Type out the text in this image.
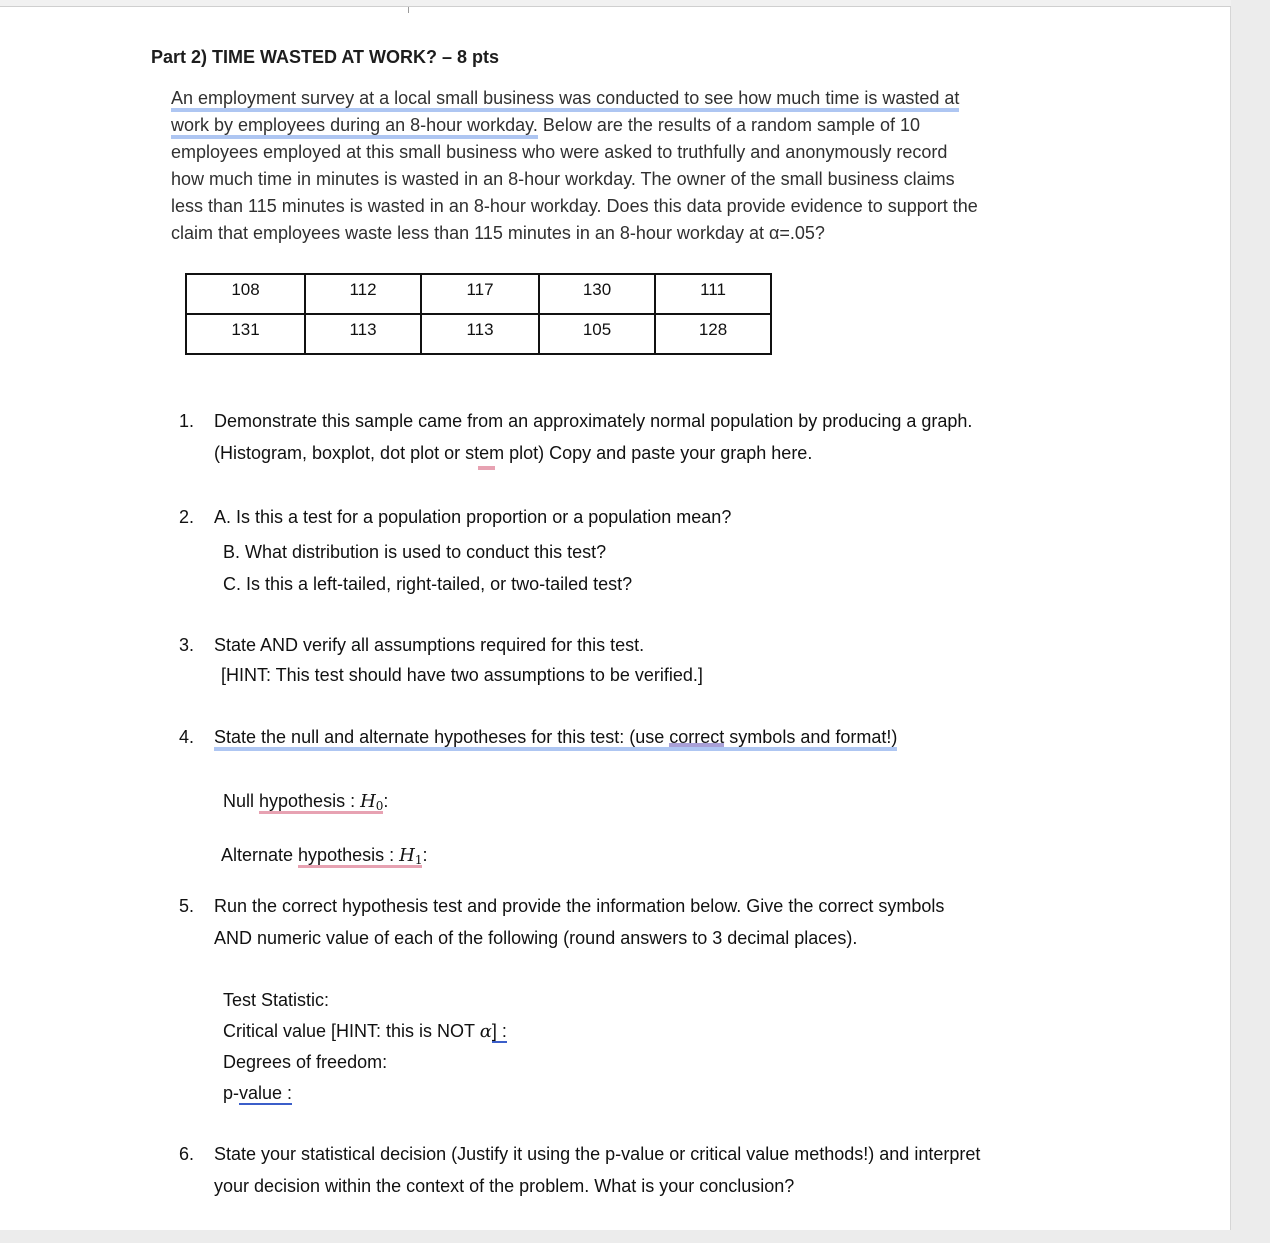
Part 2) TIME WASTED AT WORK? – 8 pts
An employment survey at a local small business was conducted to see how much time is wasted at
work by employees during an 8-hour workday. Below are the results of a random sample of 10
employees employed at this small business who were asked to truthfully and anonymously record
how much time in minutes is wasted in an 8-hour workday. The owner of the small business claims
less than 115 minutes is wasted in an 8-hour workday. Does this data provide evidence to support the
claim that employees waste less than 115 minutes in an 8-hour workday at α=.05?
108	112	117	130	111
131	113	113	105	128
1. Demonstrate this sample came from an approximately normal population by producing a graph.
(Histogram, boxplot, dot plot or stem plot) Copy and paste your graph here.
2. A. Is this a test for a population proportion or a population mean?
B. What distribution is used to conduct this test?
C. Is this a left-tailed, right-tailed, or two-tailed test?
3. State AND verify all assumptions required for this test.
[HINT: This test should have two assumptions to be verified.]
4. State the null and alternate hypotheses for this test: (use correct symbols and format!)
Null hypothesis : H0:
Alternate hypothesis : H1:
5. Run the correct hypothesis test and provide the information below. Give the correct symbols
AND numeric value of each of the following (round answers to 3 decimal places).
Test Statistic:
Critical value [HINT: this is NOT α] :
Degrees of freedom:
p-value :
6. State your statistical decision (Justify it using the p-value or critical value methods!) and interpret
your decision within the context of the problem. What is your conclusion?
